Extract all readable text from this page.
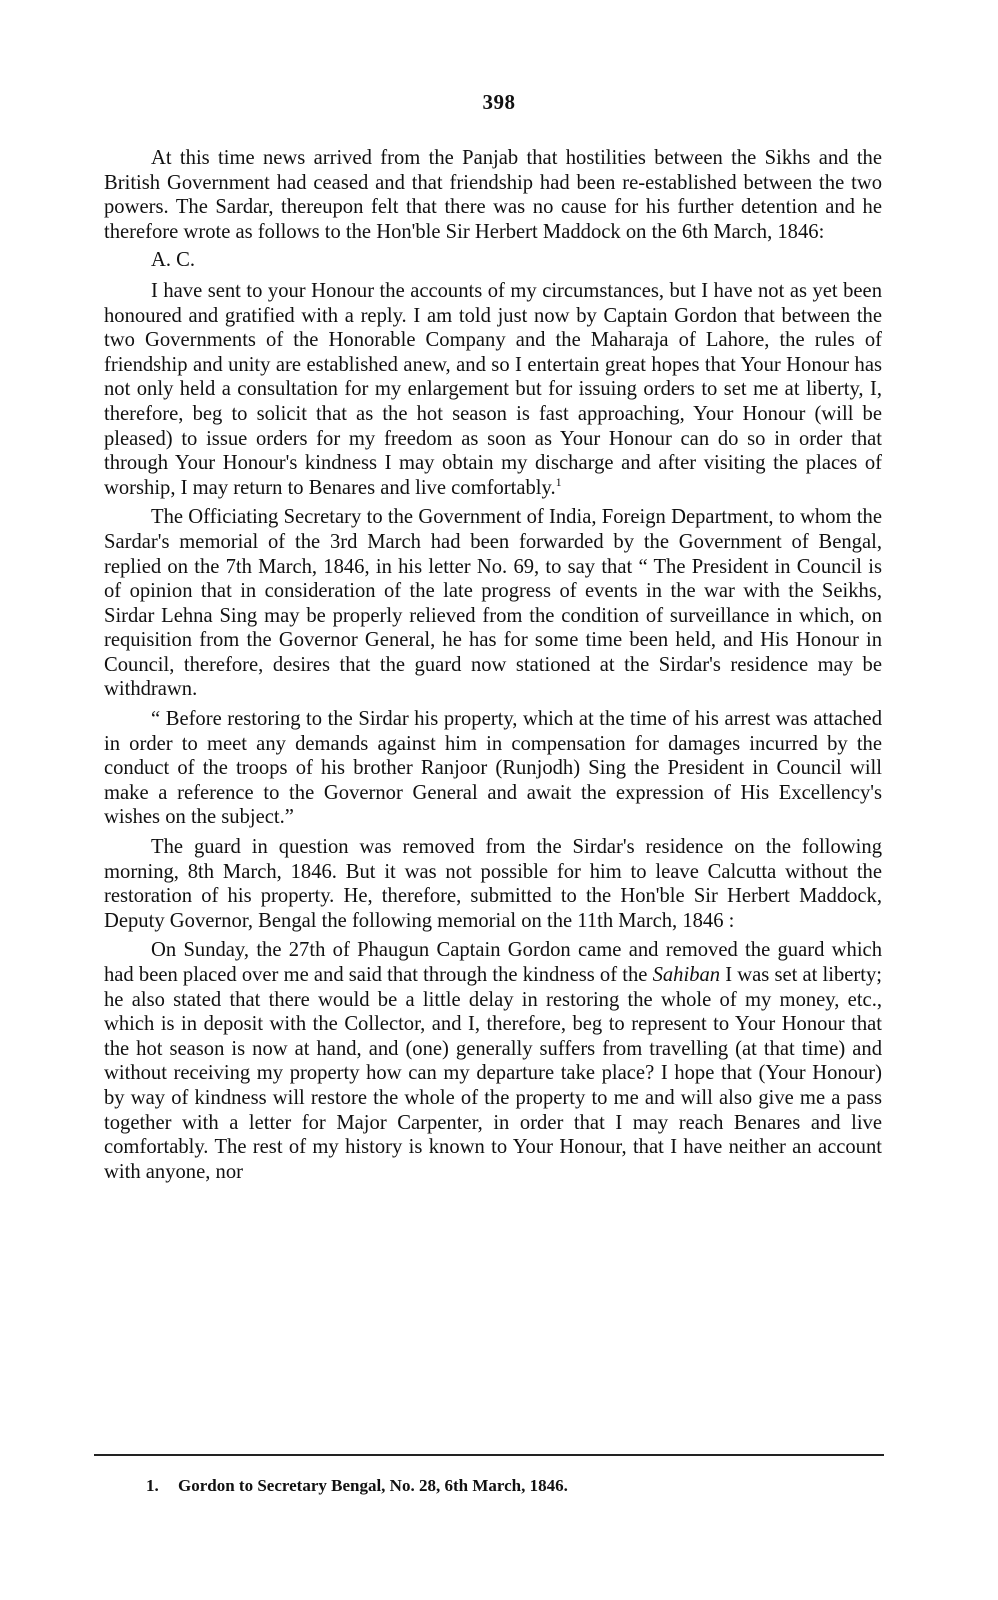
398

At this time news arrived from the Panjab that hostilities between the Sikhs and the British Government had ceased and that friendship had been re-established between the two powers. The Sardar, thereupon felt that there was no cause for his further detention and he therefore wrote as follows to the Hon'ble Sir Herbert Maddock on the 6th March, 1846:

A. C.

I have sent to your Honour the accounts of my circumstances, but I have not as yet been honoured and gratified with a reply. I am told just now by Captain Gordon that between the two Governments of the Honorable Company and the Maharaja of Lahore, the rules of friendship and unity are established anew, and so I entertain great hopes that Your Honour has not only held a consultation for my enlargement but for issuing orders to set me at liberty, I, therefore, beg to solicit that as the hot season is fast approaching, Your Honour (will be pleased) to issue orders for my freedom as soon as Your Honour can do so in order that through Your Honour's kindness I may obtain my discharge and after visiting the places of worship, I may return to Benares and live comfortably.$^1$

The Officiating Secretary to the Government of India, Foreign Department, to whom the Sardar's memorial of the 3rd March had been forwarded by the Government of Bengal, replied on the 7th March, 1846, in his letter No. 69, to say that “ The President in Council is of opinion that in consideration of the late progress of events in the war with the Seikhs, Sirdar Lehna Sing may be properly relieved from the condition of surveillance in which, on requisition from the Governor General, he has for some time been held, and His Honour in Council, therefore, desires that the guard now stationed at the Sirdar's residence may be withdrawn.

“ Before restoring to the Sirdar his property, which at the time of his arrest was attached in order to meet any demands against him in compensation for damages incurred by the conduct of the troops of his brother Ranjoor (Runjodh) Sing the President in Council will make a reference to the Governor General and await the expression of His Excellency's wishes on the subject.”

The guard in question was removed from the Sirdar's residence on the following morning, 8th March, 1846. But it was not possible for him to leave Calcutta without the restoration of his property. He, therefore, submitted to the Hon'ble Sir Herbert Maddock, Deputy Governor, Bengal the following memorial on the 11th March, 1846 :

On Sunday, the 27th of Phaugun Captain Gordon came and removed the guard which had been placed over me and said that through the kindness of the Sahiban I was set at liberty; he also stated that there would be a little delay in restoring the whole of my money, etc., which is in deposit with the Collector, and I, therefore, beg to represent to Your Honour that the hot season is now at hand, and (one) generally suffers from travelling (at that time) and without receiving my property how can my departure take place? I hope that (Your Honour) by way of kindness will restore the whole of the property to me and will also give me a pass together with a letter for Major Carpenter, in order that I may reach Benares and live comfortably. The rest of my history is known to Your Honour, that I have neither an account with anyone, nor

1. Gordon to Secretary Bengal, No. 28, 6th March, 1846.
